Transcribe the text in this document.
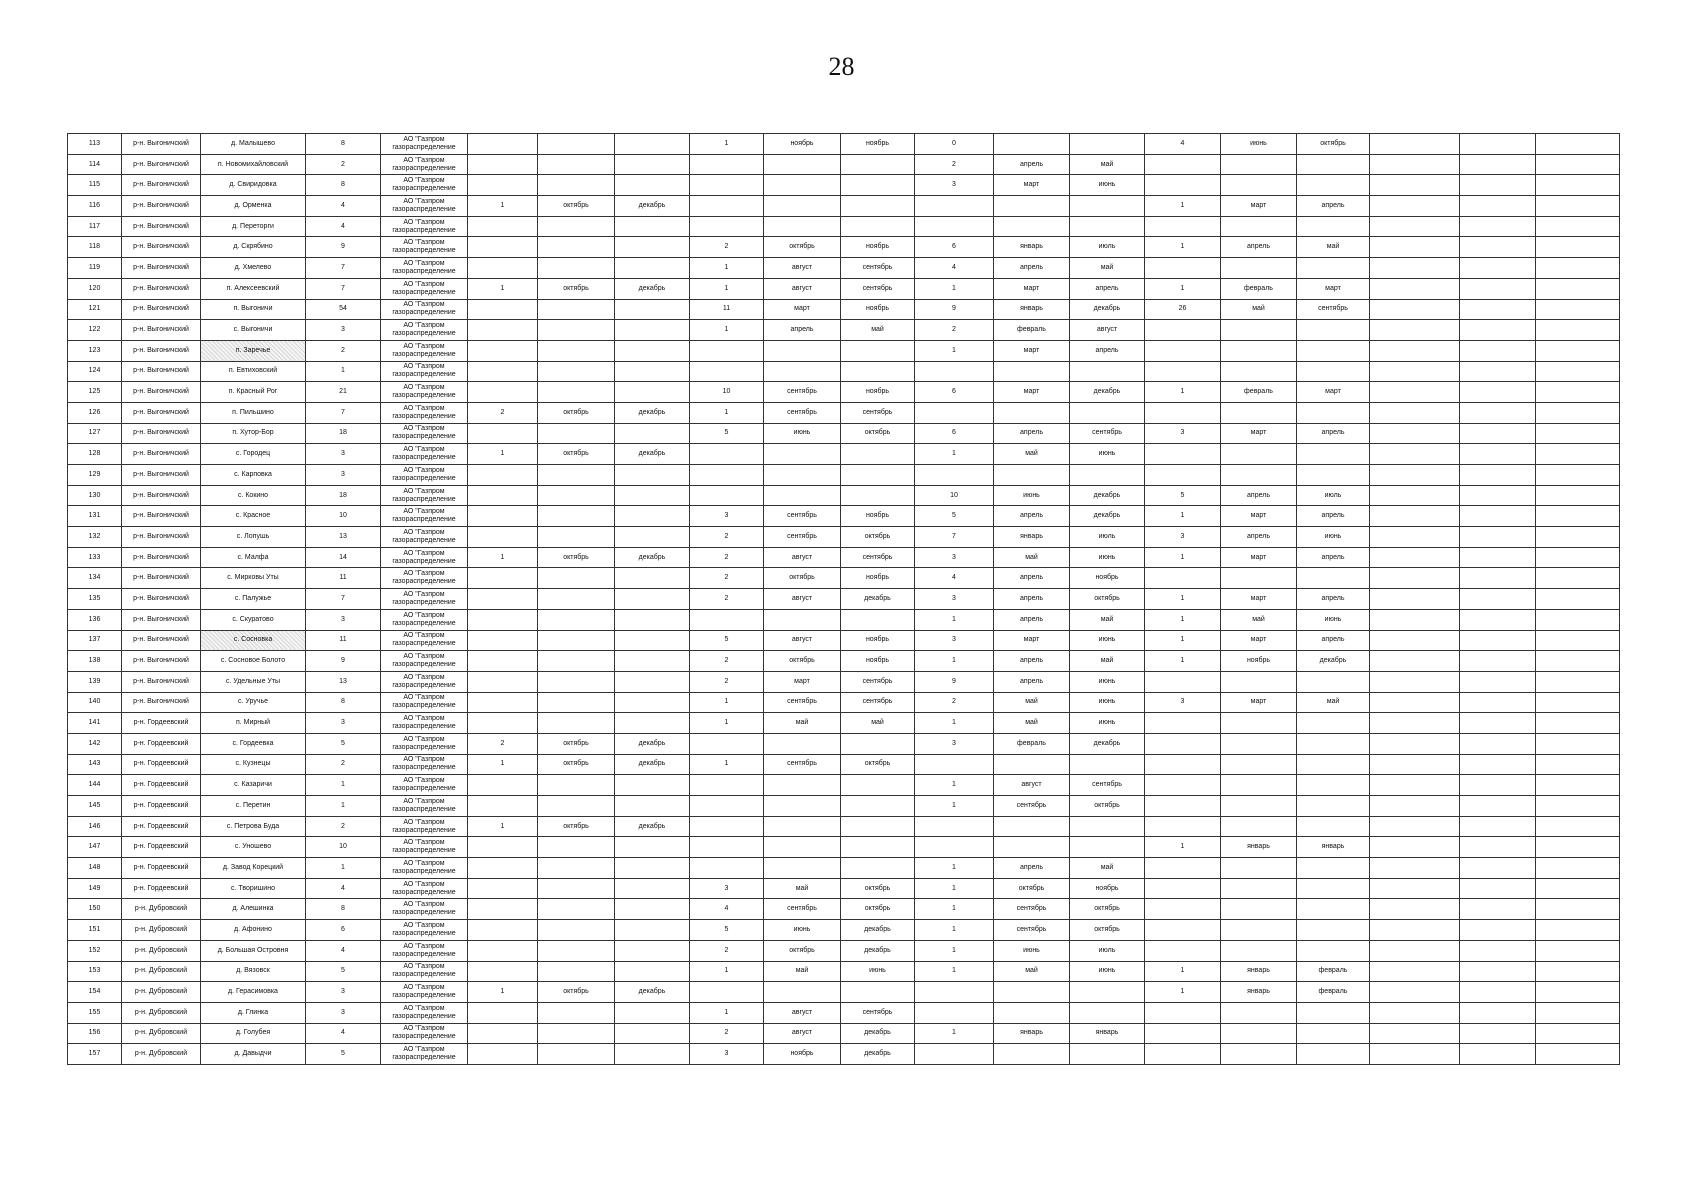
28
113	р-н. Выгоничский	д. Малышево	8	АО "Газпром
газораспределение				1	ноябрь	ноябрь	0			4	июнь	октябрь			
114	р-н. Выгоничский	п. Новомихайловский	2	АО "Газпром
газораспределение							2	апрель	май						
115	р-н. Выгоничский	д. Свиридовка	8	АО "Газпром
газораспределение							3	март	июнь						
116	р-н. Выгоничский	д. Орменка	4	АО "Газпром
газораспределение	1	октябрь	декабрь							1	март	апрель			
117	р-н. Выгоничский	д. Переторги	4	АО "Газпром
газораспределение															

118	р-н. Выгоничский	д. Скрябино	9	АО "Газпром
газораспределение				2	октябрь	ноябрь	6	январь	июль	1	апрель	май			
119	р-н. Выгоничский	д. Хмелево	7	АО "Газпром
газораспределение				1	август	сентябрь	4	апрель	май						
120	р-н. Выгоничский	п. Алексеевский	7	АО "Газпром
газораспределение	1	октябрь	декабрь	1	август	сентябрь	1	март	апрель	1	февраль	март			
121	р-н. Выгоничский	п. Выгоничи	54	АО "Газпром
газораспределение				11	март	ноябрь	9	январь	декабрь	26	май	сентябрь			
122	р-н. Выгоничский	с. Выгоничи	3	АО "Газпром
газораспределение				1	апрель	май	2	февраль	август						
123	р-н. Выгоничский	п. Заречье	2	АО "Газпром
газораспределение							1	март	апрель						
124	р-н. Выгоничский	п. Евтиховский	1	АО "Газпром
газораспределение															

125	р-н. Выгоничский	п. Красный Рог	21	АО "Газпром
газораспределение				10	сентябрь	ноябрь	6	март	декабрь	1	февраль	март			
126	р-н. Выгоничский	п. Пильшино	7	АО "Газпром
газораспределение	2	октябрь	декабрь	1	сентябрь	сентябрь									
127	р-н. Выгоничский	п. Хутор-Бор	18	АО "Газпром
газораспределение				5	июнь	октябрь	6	апрель	сентябрь	3	март	апрель			
128	р-н. Выгоничский	с. Городец	3	АО "Газпром
газораспределение	1	октябрь	декабрь				1	май	июнь						
129	р-н. Выгоничский	с. Карповка	3	АО "Газпром
газораспределение															

130	р-н. Выгоничский	с. Кокино	18	АО "Газпром
газораспределение							10	июнь	декабрь	5	апрель	июль			
131	р-н. Выгоничский	с. Красное	10	АО "Газпром
газораспределение				3	сентябрь	ноябрь	5	апрель	декабрь	1	март	апрель			
132	р-н. Выгоничский	с. Лопушь	13	АО "Газпром
газораспределение				2	сентябрь	октябрь	7	январь	июль	3	апрель	июнь			
133	р-н. Выгоничский	с. Малфа	14	АО "Газпром
газораспределение	1	октябрь	декабрь	2	август	сентябрь	3	май	июнь	1	март	апрель			
134	р-н. Выгоничский	с. Мирковы Уты	11	АО "Газпром
газораспределение				2	октябрь	ноябрь	4	апрель	ноябрь						
135	р-н. Выгоничский	с. Палужье	7	АО "Газпром
газораспределение				2	август	декабрь	3	апрель	октябрь	1	март	апрель			
136	р-н. Выгоничский	с. Скуратово	3	АО "Газпром
газораспределение							1	апрель	май	1	май	июнь			
137	р-н. Выгоничский	с. Сосновка	11	АО "Газпром
газораспределение				5	август	ноябрь	3	март	июнь	1	март	апрель			
138	р-н. Выгоничский	с. Сосновое Болото	9	АО "Газпром
газораспределение				2	октябрь	ноябрь	1	апрель	май	1	ноябрь	декабрь			
139	р-н. Выгоничский	с. Удельные Уты	13	АО "Газпром
газораспределение				2	март	сентябрь	9	апрель	июнь						
140	р-н. Выгоничский	с. Уручье	8	АО "Газпром
газораспределение				1	сентябрь	сентябрь	2	май	июнь	3	март	май			
141	р-н. Гордеевский	п. Мирный	3	АО "Газпром
газораспределение				1	май	май	1	май	июнь						
142	р-н. Гордеевский	с. Гордеевка	5	АО "Газпром
газораспределение	2	октябрь	декабрь				3	февраль	декабрь						
143	р-н. Гордеевский	с. Кузнецы	2	АО "Газпром
газораспределение	1	октябрь	декабрь	1	сентябрь	октябрь									
144	р-н. Гордеевский	с. Казаричи	1	АО "Газпром
газораспределение							1	август	сентябрь						
145	р-н. Гордеевский	с. Перетин	1	АО "Газпром
газораспределение							1	сентябрь	октябрь						
146	р-н. Гордеевский	с. Петрова Буда	2	АО "Газпром
газораспределение	1	октябрь	декабрь												
147	р-н. Гордеевский	с. Уношево	10	АО "Газпром
газораспределение										1	январь	январь			
148	р-н. Гордеевский	д. Завод Корецкий	1	АО "Газпром
газораспределение							1	апрель	май						
149	р-н. Гордеевский	с. Творишино	4	АО "Газпром
газораспределение				3	май	октябрь	1	октябрь	ноябрь						
150	р-н. Дубровский	д. Алешинка	8	АО "Газпром
газораспределение				4	сентябрь	октябрь	1	сентябрь	октябрь						
151	р-н. Дубровский	д. Афонино	6	АО "Газпром
газораспределение				5	июнь	декабрь	1	сентябрь	октябрь						
152	р-н. Дубровский	д. Большая Островня	4	АО "Газпром
газораспределение				2	октябрь	декабрь	1	июнь	июль						
153	р-н. Дубровский	д. Вязовск	5	АО "Газпром
газораспределение				1	май	июнь	1	май	июнь	1	январь	февраль			
154	р-н. Дубровский	д. Герасимовка	3	АО "Газпром
газораспределение	1	октябрь	декабрь							1	январь	февраль			
155	р-н. Дубровский	д. Глинка	3	АО "Газпром
газораспределение				1	август	сентябрь									
156	р-н. Дубровский	д. Голубея	4	АО "Газпром
газораспределение				2	август	декабрь	1	январь	январь						
157	р-н. Дубровский	д. Давыдчи	5	АО "Газпром
газораспределение				3	ноябрь	декабрь									
